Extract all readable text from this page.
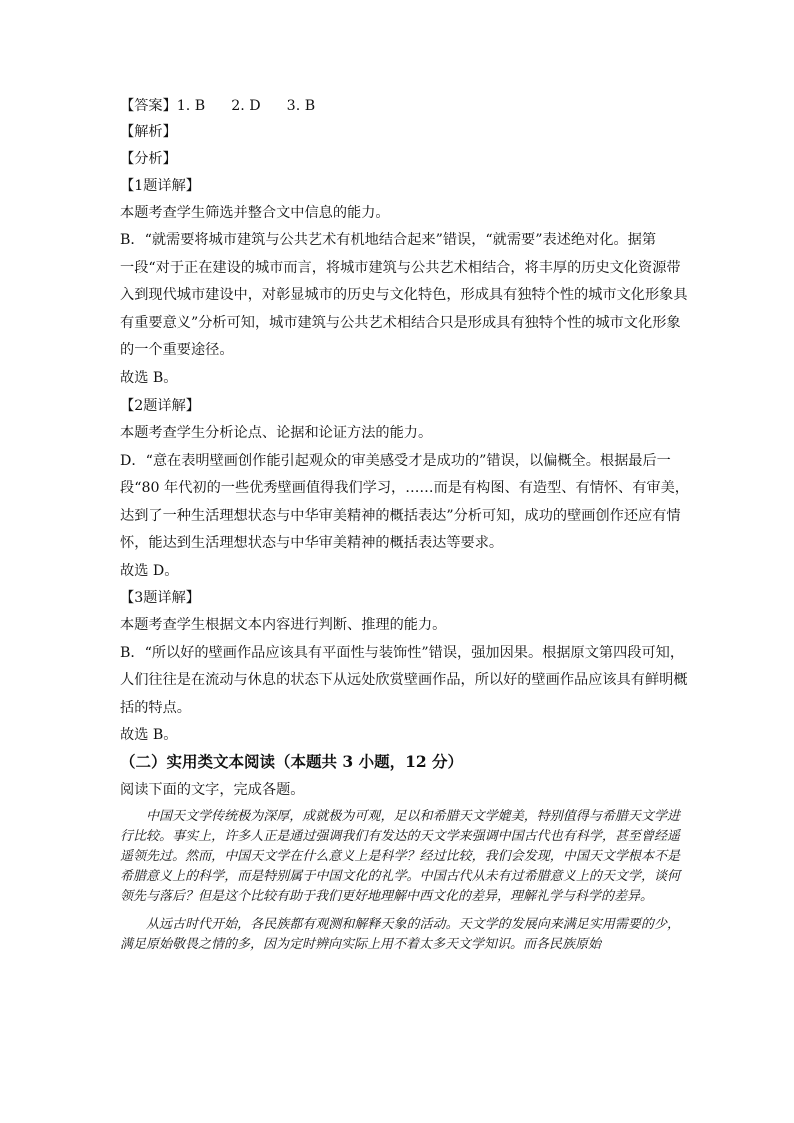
【答案】1. B 2. D 3. B
【解析】
【分析】
【1题详解】
本题考查学生筛选并整合文中信息的能力。
B．“就需要将城市建筑与公共艺术有机地结合起来”错误，“就需要”表述绝对化。据第
一段“对于正在建设的城市而言，将城市建筑与公共艺术相结合，将丰厚的历史文化资源带
入到现代城市建设中，对彰显城市的历史与文化特色，形成具有独特个性的城市文化形象具
有重要意义”分析可知，城市建筑与公共艺术相结合只是形成具有独特个性的城市文化形象
的一个重要途径。
故选 B。
【2题详解】
本题考查学生分析论点、论据和论证方法的能力。
D．“意在表明壁画创作能引起观众的审美感受才是成功的”错误，以偏概全。根据最后一
段“80 年代初的一些优秀壁画值得我们学习，……而是有构图、有造型、有情怀、有审美，
达到了一种生活理想状态与中华审美精神的概括表达”分析可知，成功的壁画创作还应有情
怀，能达到生活理想状态与中华审美精神的概括表达等要求。
故选 D。
【3题详解】
本题考查学生根据文本内容进行判断、推理的能力。
B．“所以好的壁画作品应该具有平面性与装饰性”错误，强加因果。根据原文第四段可知，
人们往往是在流动与休息的状态下从远处欣赏壁画作品，所以好的壁画作品应该具有鲜明概
括的特点。
故选 B。
（二）实用类文本阅读（本题共 3 小题，12 分）
阅读下面的文字，完成各题。

中国天文学传统极为深厚，成就极为可观，足以和希腊天文学媲美，特别值得与希腊天文学进行比较。事实上，许多人正是通过强调我们有发达的天文学来强调中国古代也有科学，甚至曾经遥遥领先过。然而，中国天文学在什么意义上是科学？经过比较，我们会发现，中国天文学根本不是希腊意义上的科学，而是特别属于中国文化的礼学。中国古代从未有过希腊意义上的天文学，谈何领先与落后？但是这个比较有助于我们更好地理解中西文化的差异，理解礼学与科学的差异。

从远古时代开始，各民族都有观测和解释天象的活动。天文学的发展向来满足实用需要的少，满足原始敬畏之情的多，因为定时辨向实际上用不着太多天文学知识。而各民族原始
